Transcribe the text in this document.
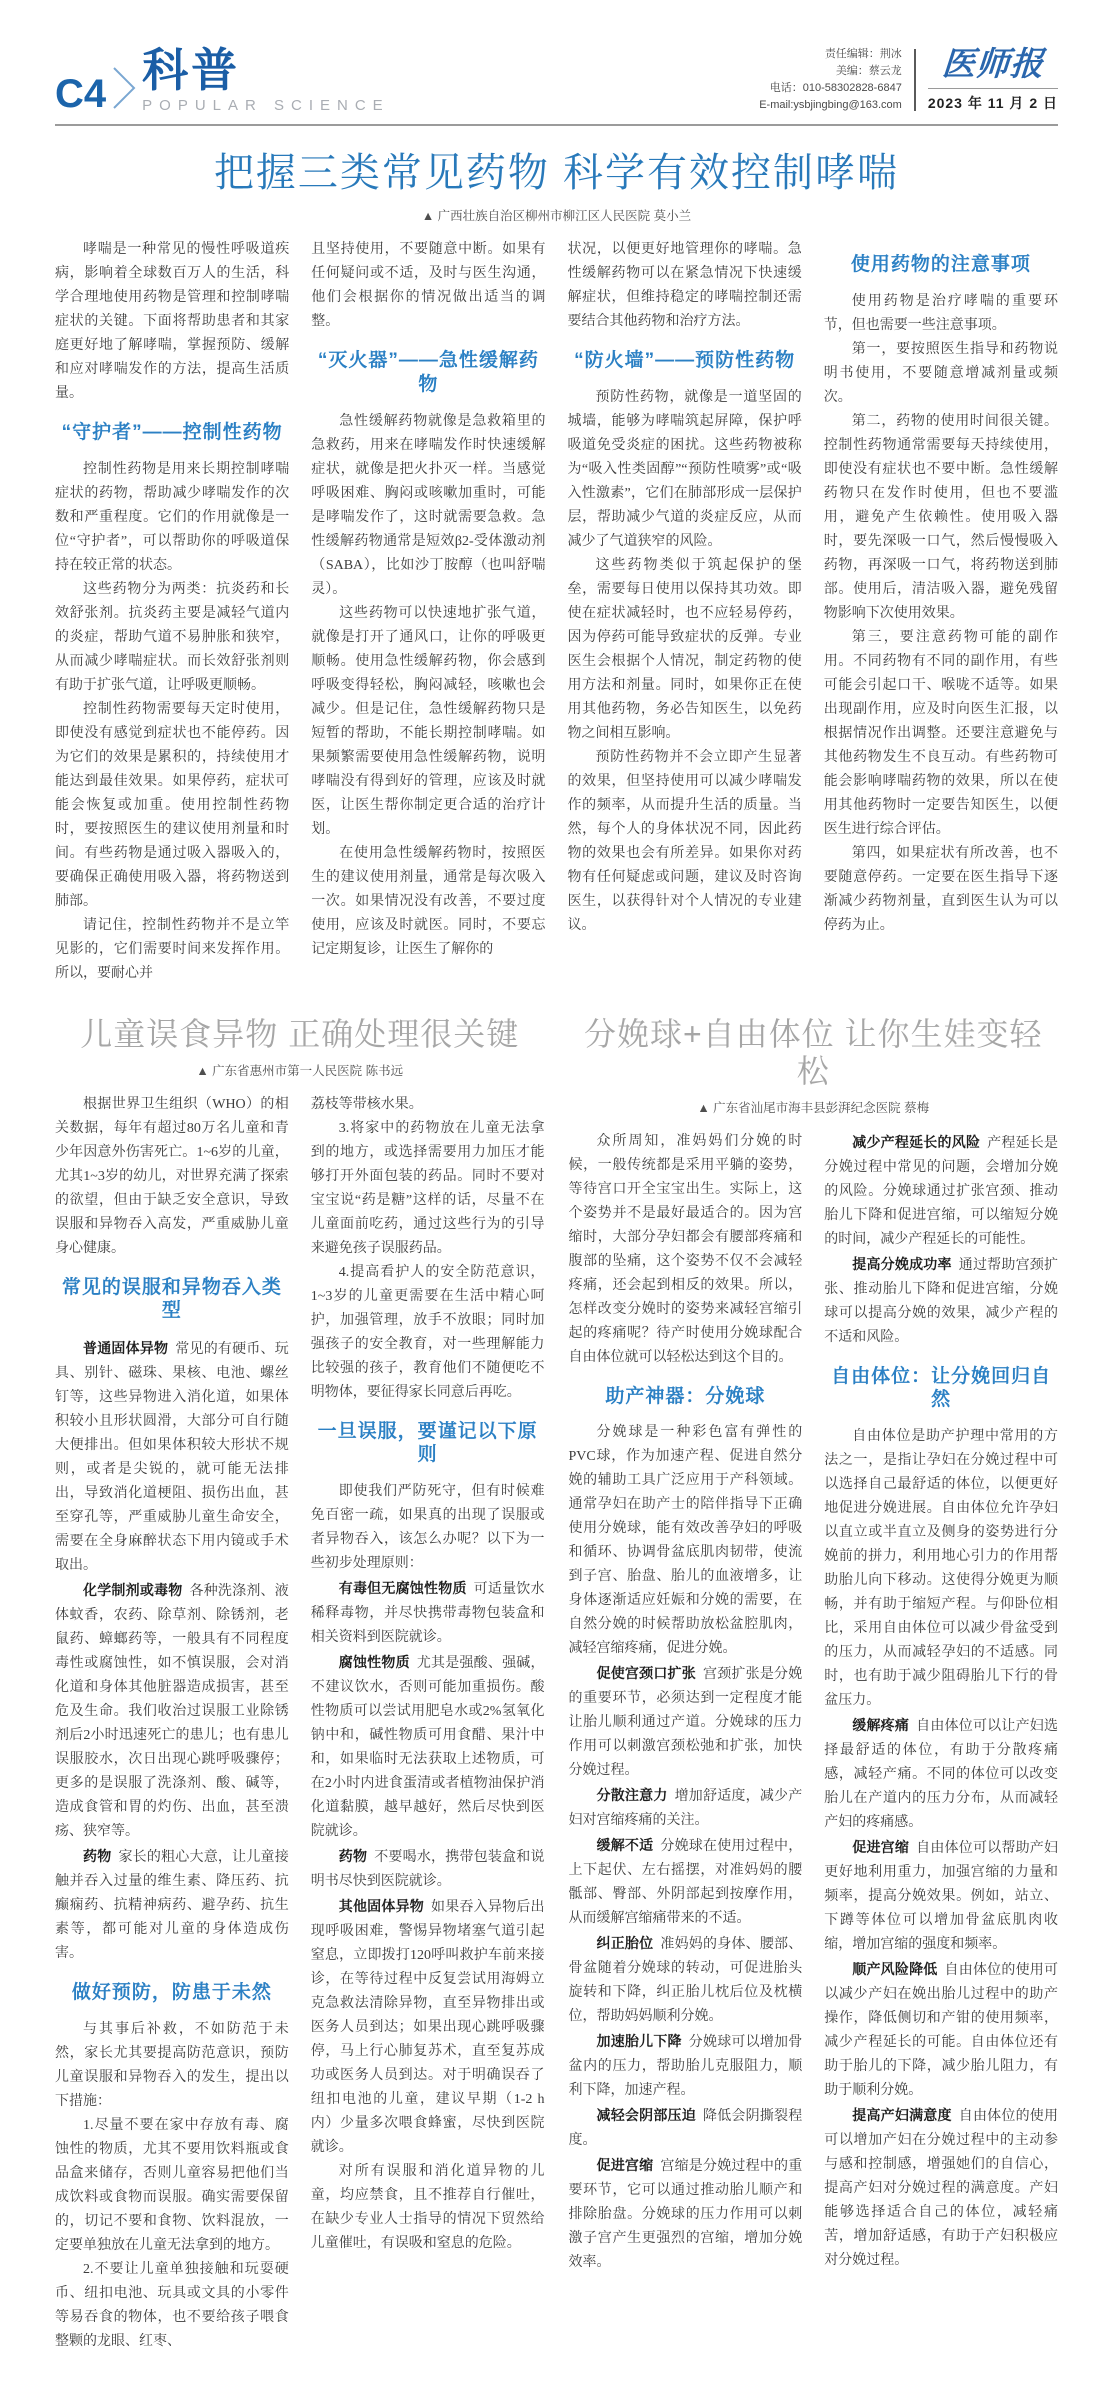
C4 科普
POPULAR SCIENCE
责任编辑：荆冰
美编：蔡云龙
电话：010-58302828-6847
E-mail:ysbjingbing@163.com
医师报
2023 年 11 月 2 日
把握三类常见药物 科学有效控制哮喘
▲ 广西壮族自治区柳州市柳江区人民医院 莫小兰

哮喘是一种常见的慢性呼吸道疾病，影响着全球数百万人的生活，科学合理地使用药物是管理和控制哮喘症状的关键。下面将帮助患者和其家庭更好地了解哮喘，掌握预防、缓解和应对哮喘发作的方法，提高生活质量。

“守护者”——控制性药物

控制性药物是用来长期控制哮喘症状的药物，帮助减少哮喘发作的次数和严重程度。它们的作用就像是一位“守护者”，可以帮助你的呼吸道保持在较正常的状态。

这些药物分为两类：抗炎药和长效舒张剂。抗炎药主要是减轻气道内的炎症，帮助气道不易肿胀和狭窄，从而减少哮喘症状。而长效舒张剂则有助于扩张气道，让呼吸更顺畅。

控制性药物需要每天定时使用，即使没有感觉到症状也不能停药。因为它们的效果是累积的，持续使用才能达到最佳效果。如果停药，症状可能会恢复或加重。使用控制性药物时，要按照医生的建议使用剂量和时间。有些药物是通过吸入器吸入的，要确保正确使用吸入器，将药物送到肺部。

请记住，控制性药物并不是立竿见影的，它们需要时间来发挥作用。所以，要耐心并

且坚持使用，不要随意中断。如果有任何疑问或不适，及时与医生沟通，他们会根据你的情况做出适当的调整。

“灭火器”——急性缓解药物

急性缓解药物就像是急救箱里的急救药，用来在哮喘发作时快速缓解症状，就像是把火扑灭一样。当感觉呼吸困难、胸闷或咳嗽加重时，可能是哮喘发作了，这时就需要急救。急性缓解药物通常是短效β2-受体激动剂（SABA），比如沙丁胺醇（也叫舒喘灵）。

这些药物可以快速地扩张气道，就像是打开了通风口，让你的呼吸更顺畅。使用急性缓解药物，你会感到呼吸变得轻松，胸闷减轻，咳嗽也会减少。但是记住，急性缓解药物只是短暂的帮助，不能长期控制哮喘。如果频繁需要使用急性缓解药物，说明哮喘没有得到好的管理，应该及时就医，让医生帮你制定更合适的治疗计划。

在使用急性缓解药物时，按照医生的建议使用剂量，通常是每次吸入一次。如果情况没有改善，不要过度使用，应该及时就医。同时，不要忘记定期复诊，让医生了解你的

状况，以便更好地管理你的哮喘。急性缓解药物可以在紧急情况下快速缓解症状，但维持稳定的哮喘控制还需要结合其他药物和治疗方法。

“防火墙”——预防性药物

预防性药物，就像是一道坚固的城墙，能够为哮喘筑起屏障，保护呼吸道免受炎症的困扰。这些药物被称为“吸入性类固醇”“预防性喷雾”或“吸入性激素”，它们在肺部形成一层保护层，帮助减少气道的炎症反应，从而减少了气道狭窄的风险。

这些药物类似于筑起保护的堡垒，需要每日使用以保持其功效。即使在症状减轻时，也不应轻易停药，因为停药可能导致症状的反弹。专业医生会根据个人情况，制定药物的使用方法和剂量。同时，如果你正在使用其他药物，务必告知医生，以免药物之间相互影响。

预防性药物并不会立即产生显著的效果，但坚持使用可以减少哮喘发作的频率，从而提升生活的质量。当然，每个人的身体状况不同，因此药物的效果也会有所差异。如果你对药物有任何疑虑或问题，建议及时咨询医生，以获得针对个人情况的专业建议。

使用药物的注意事项

使用药物是治疗哮喘的重要环节，但也需要一些注意事项。

第一，要按照医生指导和药物说明书使用，不要随意增减剂量或频次。

第二，药物的使用时间很关键。控制性药物通常需要每天持续使用，即使没有症状也不要中断。急性缓解药物只在发作时使用，但也不要滥用，避免产生依赖性。使用吸入器时，要先深吸一口气，然后慢慢吸入药物，再深吸一口气，将药物送到肺部。使用后，清洁吸入器，避免残留物影响下次使用效果。

第三，要注意药物可能的副作用。不同药物有不同的副作用，有些可能会引起口干、喉咙不适等。如果出现副作用，应及时向医生汇报，以根据情况作出调整。还要注意避免与其他药物发生不良互动。有些药物可能会影响哮喘药物的效果，所以在使用其他药物时一定要告知医生，以便医生进行综合评估。

第四，如果症状有所改善，也不要随意停药。一定要在医生指导下逐渐减少药物剂量，直到医生认为可以停药为止。

儿童误食异物 正确处理很关键
▲ 广东省惠州市第一人民医院 陈书远

根据世界卫生组织（WHO）的相关数据，每年有超过80万名儿童和青少年因意外伤害死亡。1~6岁的儿童，尤其1~3岁的幼儿，对世界充满了探索的欲望，但由于缺乏安全意识，导致误服和异物吞入高发，严重威胁儿童身心健康。

常见的误服和异物吞入类型

普通固体异物 常见的有硬币、玩具、别针、磁珠、果核、电池、螺丝钉等，这些异物进入消化道，如果体积较小且形状圆滑，大部分可自行随大便排出。但如果体积较大形状不规则，或者是尖锐的，就可能无法排出，导致消化道梗阻、损伤出血，甚至穿孔等，严重威胁儿童生命安全，需要在全身麻醉状态下用内镜或手术取出。

化学制剂或毒物 各种洗涤剂、液体蚊香，农药、除草剂、除锈剂，老鼠药、蟑螂药等，一般具有不同程度毒性或腐蚀性，如不慎误服，会对消化道和身体其他脏器造成损害，甚至危及生命。我们收治过误服工业除锈剂后2小时迅速死亡的患儿；也有患儿误服胶水，次日出现心跳呼吸骤停；更多的是误服了洗涤剂、酸、碱等，造成食管和胃的灼伤、出血，甚至溃疡、狭窄等。

药物 家长的粗心大意，让儿童接触并吞入过量的维生素、降压药、抗癫痫药、抗精神病药、避孕药、抗生素等，都可能对儿童的身体造成伤害。

做好预防，防患于未然

与其事后补救，不如防范于未然，家长尤其要提高防范意识，预防儿童误服和异物吞入的发生，提出以下措施：

1.尽量不要在家中存放有毒、腐蚀性的物质，尤其不要用饮料瓶或食品盒来储存，否则儿童容易把他们当成饮料或食物而误服。确实需要保留的，切记不要和食物、饮料混放，一定要单独放在儿童无法拿到的地方。

2.不要让儿童单独接触和玩耍硬币、纽扣电池、玩具或文具的小零件等易吞食的物体，也不要给孩子喂食整颗的龙眼、红枣、

荔枝等带核水果。

3.将家中的药物放在儿童无法拿到的地方，或选择需要用力加压才能够打开外面包装的药品。同时不要对宝宝说“药是糖”这样的话，尽量不在儿童面前吃药，通过这些行为的引导来避免孩子误服药品。

4.提高看护人的安全防范意识，1~3岁的儿童更需要在生活中精心呵护，加强管理，放手不放眼；同时加强孩子的安全教育，对一些理解能力比较强的孩子，教育他们不随便吃不明物体，要征得家长同意后再吃。

一旦误服，要谨记以下原则

即使我们严防死守，但有时候难免百密一疏，如果真的出现了误服或者异物吞入，该怎么办呢？以下为一些初步处理原则：

有毒但无腐蚀性物质 可适量饮水稀释毒物，并尽快携带毒物包装盒和相关资料到医院就诊。

腐蚀性物质 尤其是强酸、强碱，不建议饮水，否则可能加重损伤。酸性物质可以尝试用肥皂水或2%氢氧化钠中和，碱性物质可用食醋、果汁中和，如果临时无法获取上述物质，可在2小时内进食蛋清或者植物油保护消化道黏膜，越早越好，然后尽快到医院就诊。

药物 不要喝水，携带包装盒和说明书尽快到医院就诊。

其他固体异物 如果吞入异物后出现呼吸困难，警惕异物堵塞气道引起窒息，立即拨打120呼叫救护车前来接诊，在等待过程中反复尝试用海姆立克急救法清除异物，直至异物排出或医务人员到达；如果出现心跳呼吸骤停，马上行心肺复苏术，直至复苏成功或医务人员到达。对于明确误吞了纽扣电池的儿童，建议早期（1-2 h 内）少量多次喂食蜂蜜，尽快到医院就诊。

对所有误服和消化道异物的儿童，均应禁食，且不推荐自行催吐，在缺少专业人士指导的情况下贸然给儿童催吐，有误吸和窒息的危险。

分娩球+自由体位 让你生娃变轻松
▲ 广东省汕尾市海丰县彭湃纪念医院 蔡梅

众所周知，准妈妈们分娩的时候，一般传统都是采用平躺的姿势，等待宫口开全宝宝出生。实际上，这个姿势并不是最好最适合的。因为宫缩时，大部分孕妇都会有腰部疼痛和腹部的坠痛，这个姿势不仅不会减轻疼痛，还会起到相反的效果。所以，怎样改变分娩时的姿势来减轻宫缩引起的疼痛呢？待产时使用分娩球配合自由体位就可以轻松达到这个目的。

助产神器：分娩球

分娩球是一种彩色富有弹性的PVC球，作为加速产程、促进自然分娩的辅助工具广泛应用于产科领域。通常孕妇在助产士的陪伴指导下正确使用分娩球，能有效改善孕妇的呼吸和循环、协调骨盆底肌肉韧带，使流到子宫、胎盘、胎儿的血液增多，让身体逐渐适应妊娠和分娩的需要，在自然分娩的时候帮助放松盆腔肌肉，减轻宫缩疼痛，促进分娩。

促使宫颈口扩张 宫颈扩张是分娩的重要环节，必须达到一定程度才能让胎儿顺利通过产道。分娩球的压力作用可以刺激宫颈松弛和扩张，加快分娩过程。

分散注意力 增加舒适度，减少产妇对宫缩疼痛的关注。

缓解不适 分娩球在使用过程中，上下起伏、左右摇摆，对准妈妈的腰骶部、臀部、外阴部起到按摩作用，从而缓解宫缩痛带来的不适。

纠正胎位 准妈妈的身体、腰部、骨盆随着分娩球的转动，可促进胎头旋转和下降，纠正胎儿枕后位及枕横位，帮助妈妈顺利分娩。

加速胎儿下降 分娩球可以增加骨盆内的压力，帮助胎儿克服阻力，顺利下降，加速产程。

减轻会阴部压迫 降低会阴撕裂程度。

促进宫缩 宫缩是分娩过程中的重要环节，它可以通过推动胎儿顺产和排除胎盘。分娩球的压力作用可以刺激子宫产生更强烈的宫缩，增加分娩效率。

减少产程延长的风险 产程延长是分娩过程中常见的问题，会增加分娩的风险。分娩球通过扩张宫颈、推动胎儿下降和促进宫缩，可以缩短分娩的时间，减少产程延长的可能性。

提高分娩成功率 通过帮助宫颈扩张、推动胎儿下降和促进宫缩，分娩球可以提高分娩的效果，减少产程的不适和风险。

自由体位：让分娩回归自然

自由体位是助产护理中常用的方法之一，是指让孕妇在分娩过程中可以选择自己最舒适的体位，以便更好地促进分娩进展。自由体位允许孕妇以直立或半直立及侧身的姿势进行分娩前的拼力，利用地心引力的作用帮助胎儿向下移动。这使得分娩更为顺畅，并有助于缩短产程。与仰卧位相比，采用自由体位可以减少骨盆受到的压力，从而减轻孕妇的不适感。同时，也有助于减少阻碍胎儿下行的骨盆压力。

缓解疼痛 自由体位可以让产妇选择最舒适的体位，有助于分散疼痛感，减轻产痛。不同的体位可以改变胎儿在产道内的压力分布，从而减轻产妇的疼痛感。

促进宫缩 自由体位可以帮助产妇更好地利用重力，加强宫缩的力量和频率，提高分娩效果。例如，站立、下蹲等体位可以增加骨盆底肌肉收缩，增加宫缩的强度和频率。

顺产风险降低 自由体位的使用可以减少产妇在娩出胎儿过程中的助产操作，降低侧切和产钳的使用频率，减少产程延长的可能。自由体位还有助于胎儿的下降，减少胎儿阻力，有助于顺利分娩。

提高产妇满意度 自由体位的使用可以增加产妇在分娩过程中的主动参与感和控制感，增强她们的自信心，提高产妇对分娩过程的满意度。产妇能够选择适合自己的体位，减轻痛苦，增加舒适感，有助于产妇积极应对分娩过程。
